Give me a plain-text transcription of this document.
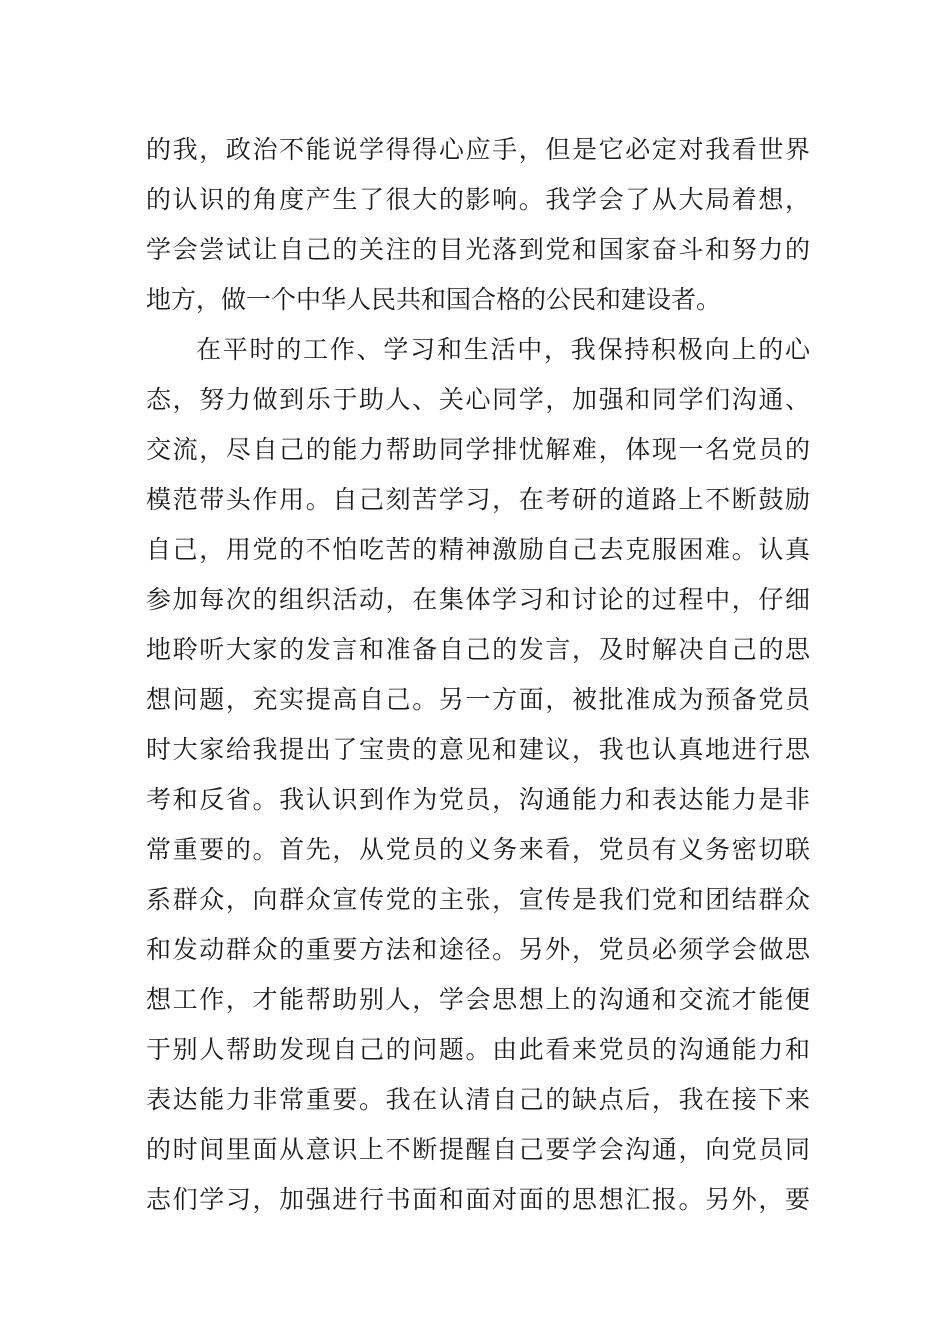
的我，政治不能说学得得心应手，但是它必定对我看世界
的认识的角度产生了很大的影响。我学会了从大局着想，
学会尝试让自己的关注的目光落到党和国家奋斗和努力的
地方，做一个中华人民共和国合格的公民和建设者。
在平时的工作、学习和生活中，我保持积极向上的心
态，努力做到乐于助人、关心同学，加强和同学们沟通、
交流，尽自己的能力帮助同学排忧解难，体现一名党员的
模范带头作用。自己刻苦学习，在考研的道路上不断鼓励
自己，用党的不怕吃苦的精神激励自己去克服困难。认真
参加每次的组织活动，在集体学习和讨论的过程中，仔细
地聆听大家的发言和准备自己的发言，及时解决自己的思
想问题，充实提高自己。另一方面，被批准成为预备党员
时大家给我提出了宝贵的意见和建议，我也认真地进行思
考和反省。我认识到作为党员，沟通能力和表达能力是非
常重要的。首先，从党员的义务来看，党员有义务密切联
系群众，向群众宣传党的主张，宣传是我们党和团结群众
和发动群众的重要方法和途径。另外，党员必须学会做思
想工作，才能帮助别人，学会思想上的沟通和交流才能便
于别人帮助发现自己的问题。由此看来党员的沟通能力和
表达能力非常重要。我在认清自己的缺点后，我在接下来
的时间里面从意识上不断提醒自己要学会沟通，向党员同
志们学习，加强进行书面和面对面的思想汇报。另外，要
